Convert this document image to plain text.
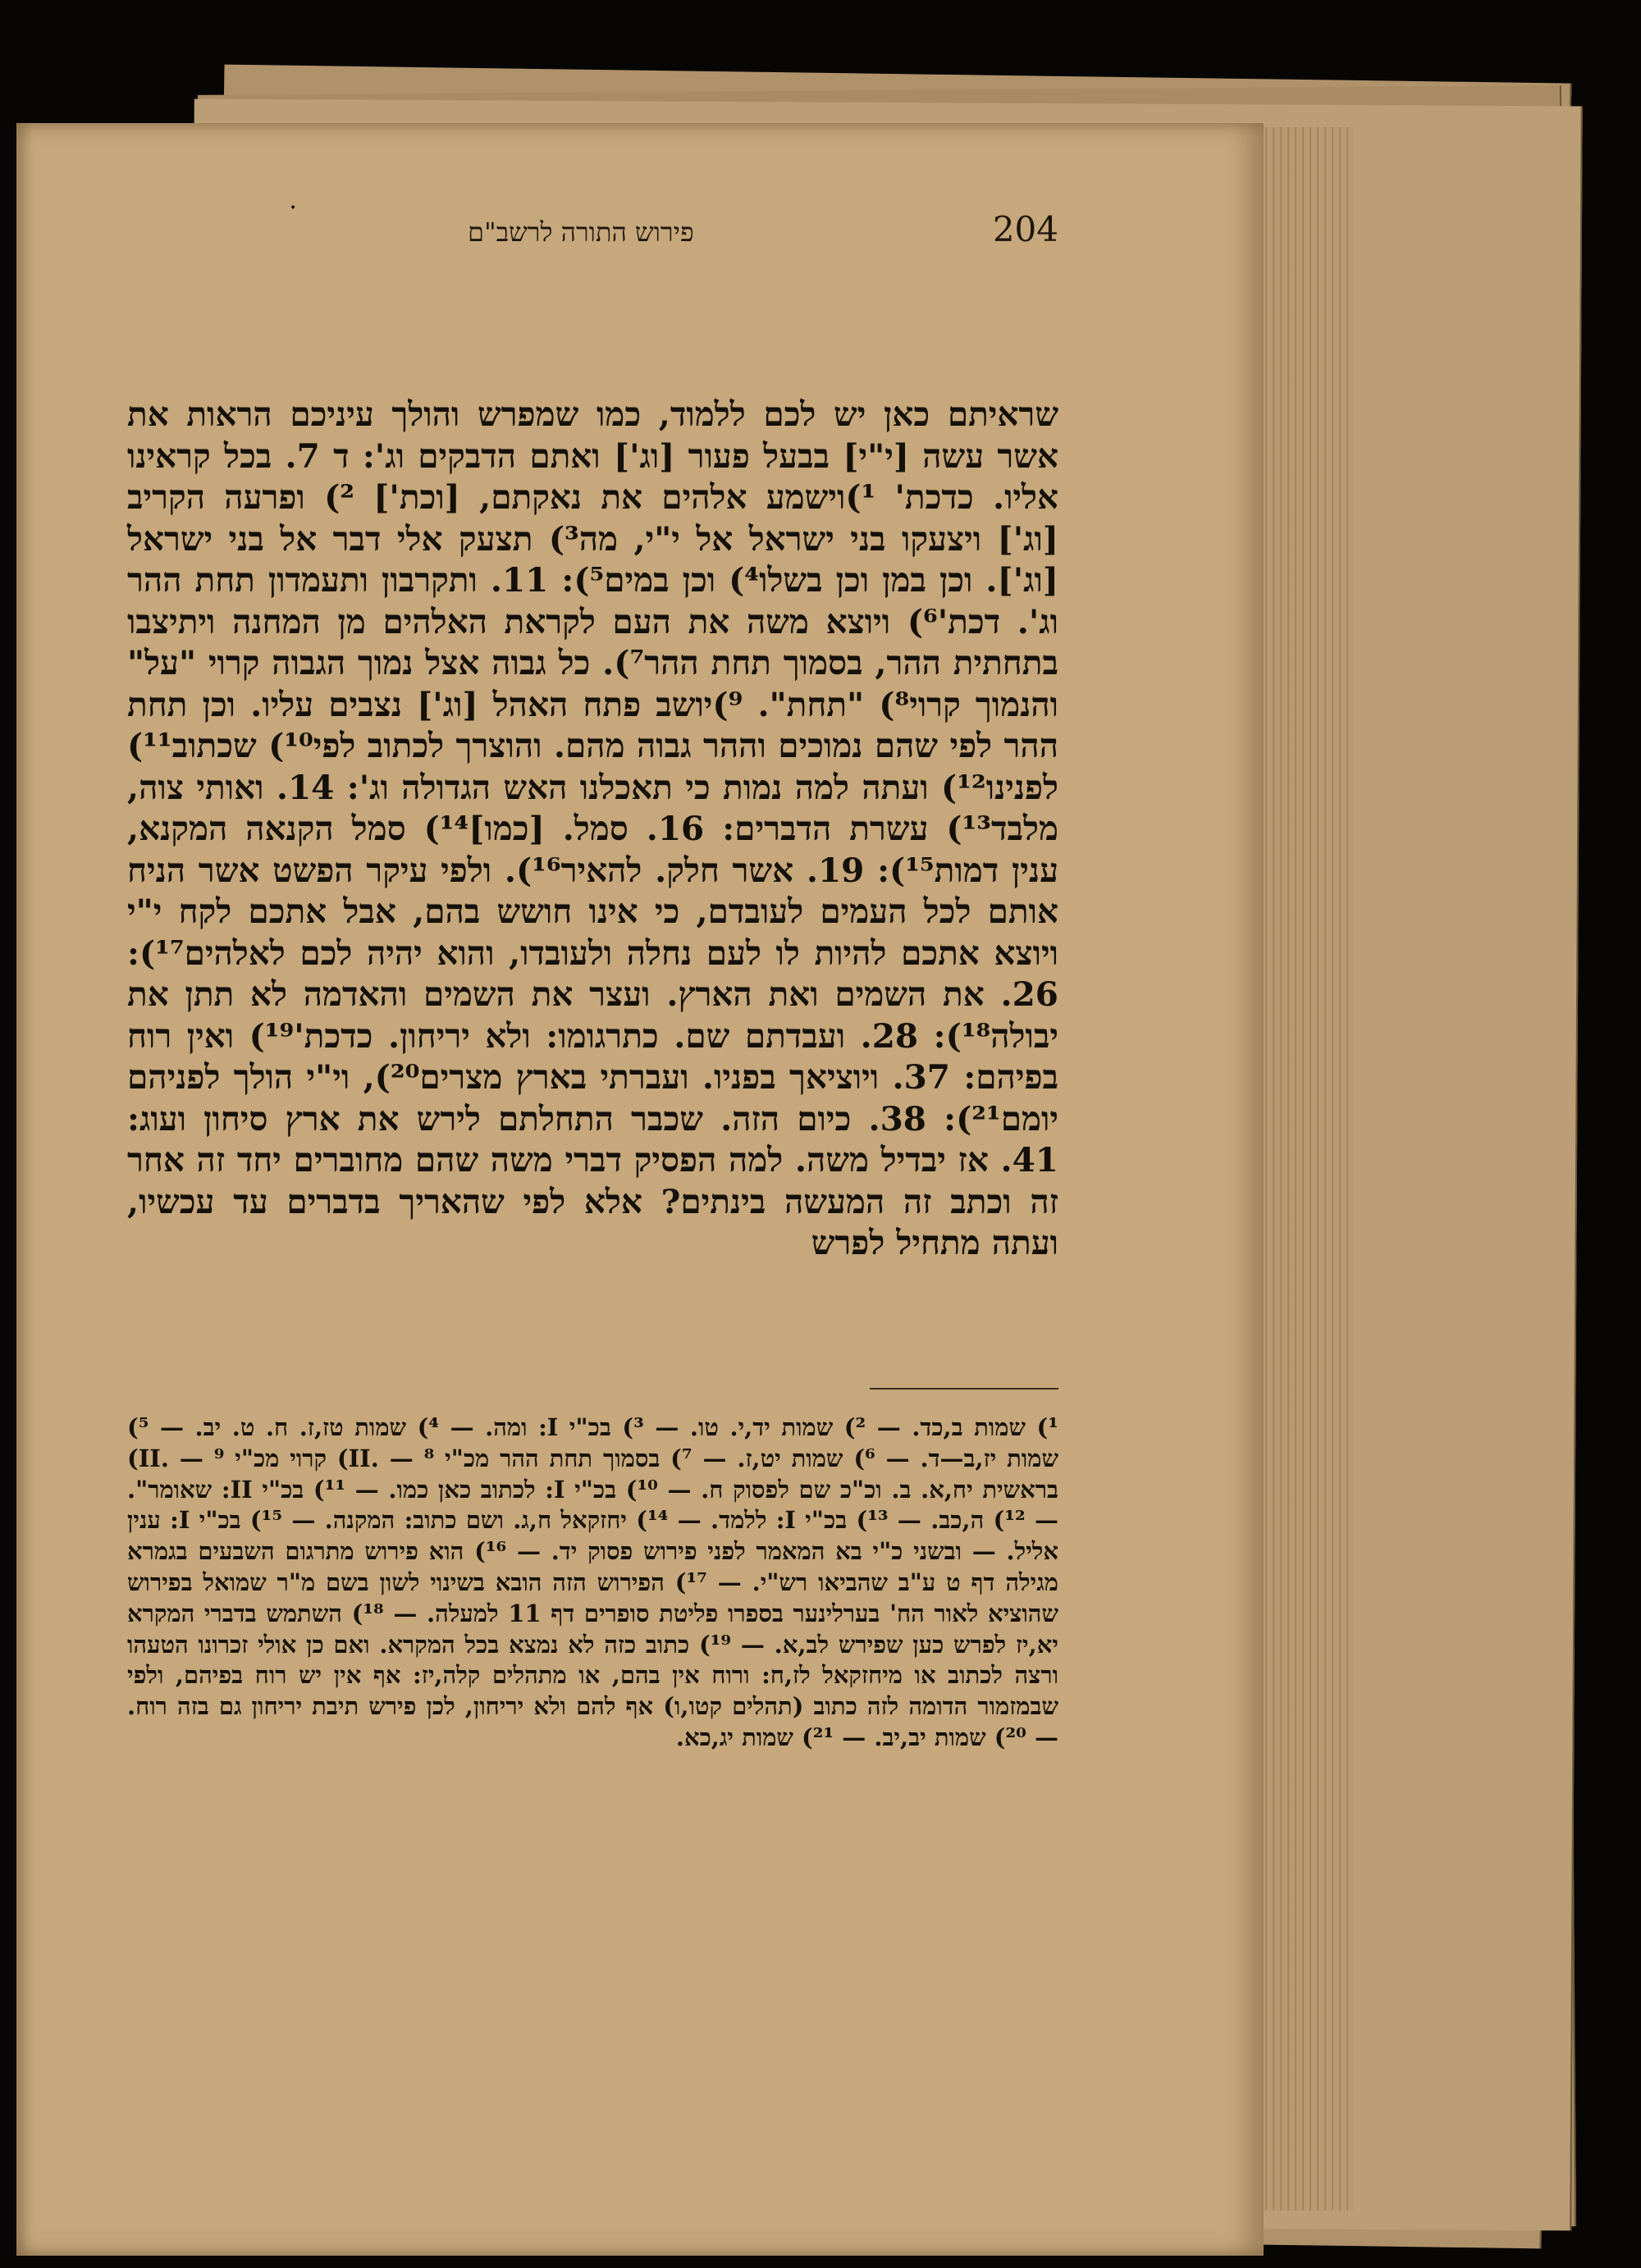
.
פירוש התורה לרשב"ם	204

שראיתם כאן יש לכם ללמוד, כמו שמפרש והולך עיניכם הראות את אשר עשה [י"י] בבעל פעור [וג'] ואתם הדבקים וג': ד 7. בכל קראינו אליו. כדכת' ¹)וישמע אלהים את נאקתם, [וכת'] ²) ופרעה הקריב [וג'] ויצעקו בני ישראל אל י"י, מה³) תצעק אלי דבר אל בני ישראל [וג']. וכן במן וכן בשלו⁴) וכן במים⁵): 11. ותקרבון ותעמדון תחת ההר וג'. דכת'⁶) ויוצא משה את העם לקראת האלהים מן המחנה ויתיצבו בתחתית ההר, בסמוך תחת ההר⁷). כל גבוה אצל נמוך הגבוה קרוי "על" והנמוך קרוי⁸) "תחת". ⁹)יושב פתח האהל [וג'] נצבים עליו. וכן תחת ההר לפי שהם נמוכים וההר גבוה מהם. והוצרך לכתוב לפי¹⁰) שכתוב¹¹) לפנינו¹²) ועתה למה נמות כי תאכלנו האש הגדולה וג': 14. ואותי צוה, מלבד¹³) עשרת הדברים: 16. סמל. [כמו]¹⁴) סמל הקנאה המקנא, ענין דמות¹⁵): 19. אשר חלק. להאיר¹⁶). ולפי עיקר הפשט אשר הניח אותם לכל העמים לעובדם, כי אינו חושש בהם, אבל אתכם לקח י"י ויוצא אתכם להיות לו לעם נחלה ולעובדו, והוא יהיה לכם לאלהים¹⁷): 26. את השמים ואת הארץ. ועצר את השמים והאדמה לא תתן את יבולה¹⁸): 28. ועבדתם שם. כתרגומו: ולא יריחון. כדכת'¹⁹) ואין רוח בפיהם: 37. ויוציאך בפניו. ועברתי בארץ מצרים²⁰), וי"י הולך לפניהם יומם²¹): 38. כיום הזה. שכבר התחלתם לירש את ארץ סיחון ועוג: 41. אז יבדיל משה. למה הפסיק דברי משה שהם מחוברים יחד זה אחר זה וכתב זה המעשה בינתים? אלא לפי שהאריך בדברים עד עכשיו, ועתה מתחיל לפרש

¹) שמות ב,כד. — ²) שמות יד,י. טו. — ³) בכ"י I: ומה. — ⁴) שמות טז,ז. ח. ט. יב. — ⁵) שמות יז,ב—ד. — ⁶) שמות יט,ז. — ⁷) בסמוך תחת ההר מכ"י II. — ⁸) קרוי מכ"י II. — ⁹) בראשית יח,א. ב. וכ"כ שם לפסוק ח. — ¹⁰) בכ"י I: לכתוב כאן כמו. — ¹¹) בכ"י II: שאומר". — ¹²) ה,כב. — ¹³) בכ"י I: ללמד. — ¹⁴) יחזקאל ח,ג. ושם כתוב: המקנה. — ¹⁵) בכ"י I: ענין אליל. — ובשני כ"י בא המאמר לפני פירוש פסוק יד. — ¹⁶) הוא פירוש מתרגום השבעים בגמרא מגילה דף ט ע"ב שהביאו רש"י. — ¹⁷) הפירוש הזה הובא בשינוי לשון בשם מ"ר שמואל בפירוש שהוציא לאור הח' בערלינער בספרו פליטת סופרים דף 11 למעלה. — ¹⁸) השתמש בדברי המקרא יא,יז לפרש כען שפירש לב,א. — ¹⁹) כתוב כזה לא נמצא בכל המקרא. ואם כן אולי זכרונו הטעהו ורצה לכתוב או מיחזקאל לז,ח: ורוח אין בהם, או מתהלים קלה,יז: אף אין יש רוח בפיהם, ולפי שבמזמור הדומה לזה כתוב (תהלים קטו,ו) אף להם ולא יריחון, לכן פירש תיבת יריחון גם בזה רוח. — ²⁰) שמות יב,יב. — ²¹) שמות יג,כא.
